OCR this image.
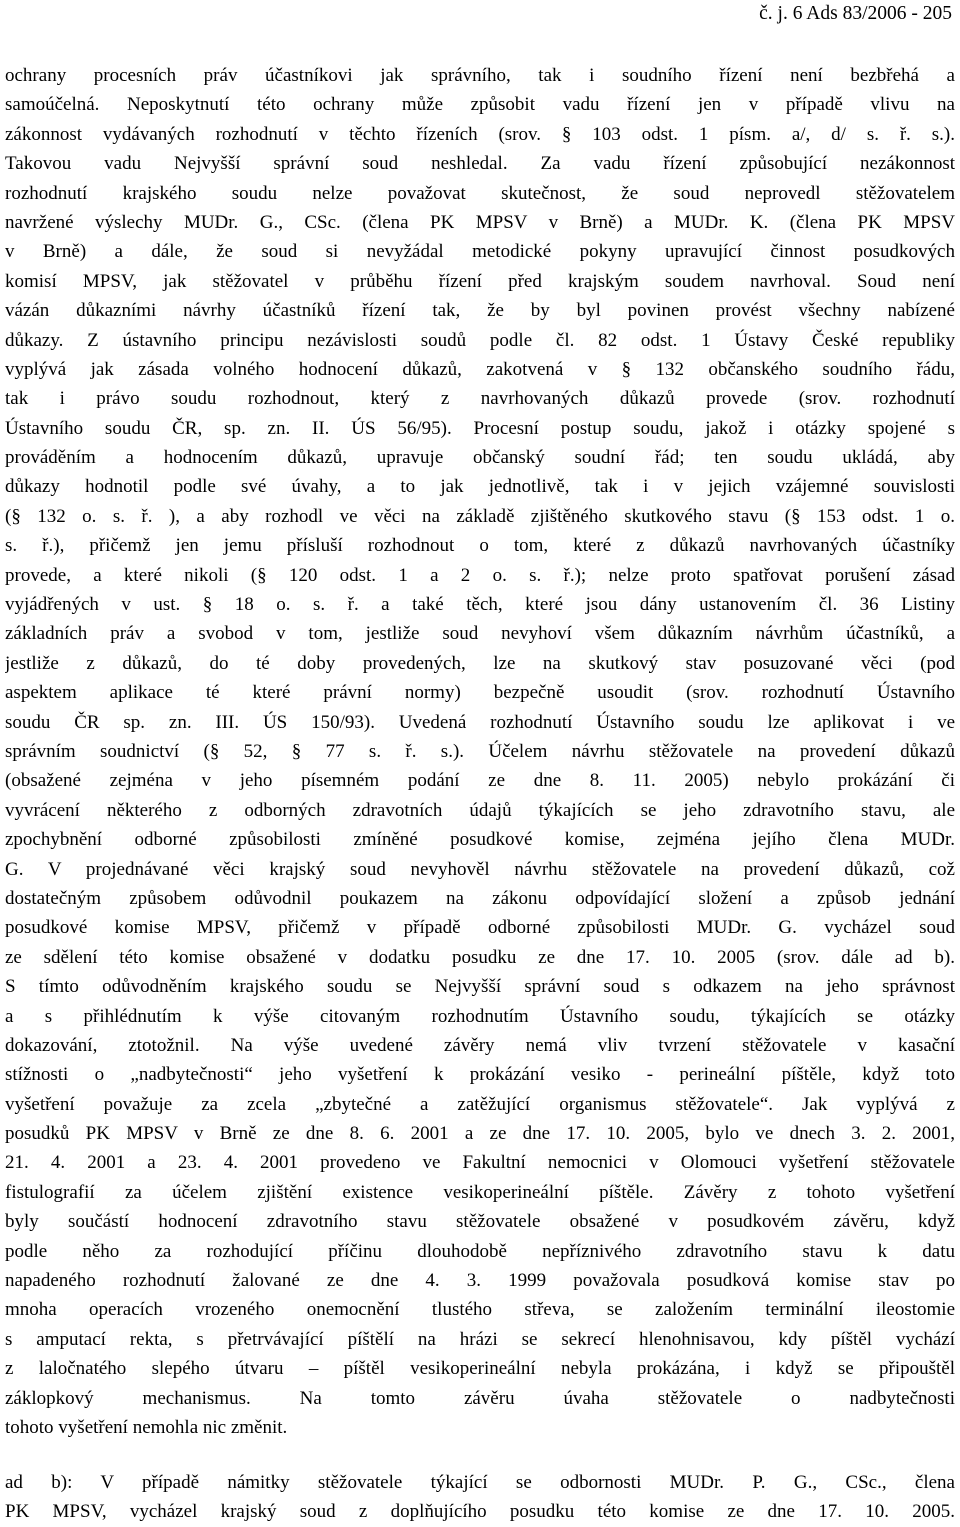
č. j. 6 Ads 83/2006 - 205
ochrany procesních práv účastníkovi jak správního, tak i soudního řízení není bezbřehá a
samoúčelná. Neposkytnutí této ochrany může způsobit vadu řízení jen v případě vlivu na
zákonnost vydávaných rozhodnutí v těchto řízeních (srov. § 103 odst. 1 písm. a/, d/ s. ř. s.).
Takovou vadu Nejvyšší správní soud neshledal. Za vadu řízení způsobující nezákonnost
rozhodnutí krajského soudu nelze považovat skutečnost, že soud neprovedl stěžovatelem
navržené výslechy MUDr. G., CSc. (člena PK MPSV v Brně) a MUDr. K. (člena PK MPSV
v Brně) a dále, že soud si nevyžádal metodické pokyny upravující činnost posudkových
komisí MPSV, jak stěžovatel v průběhu řízení před krajským soudem navrhoval. Soud není
vázán důkazními návrhy účastníků řízení tak, že by byl povinen provést všechny nabízené
důkazy. Z ústavního principu nezávislosti soudů podle čl. 82 odst. 1 Ústavy České republiky
vyplývá jak zásada volného hodnocení důkazů, zakotvená v § 132 občanského soudního řádu,
tak i právo soudu rozhodnout, který z navrhovaných důkazů provede (srov. rozhodnutí
Ústavního soudu ČR, sp. zn. II. ÚS 56/95). Procesní postup soudu, jakož i otázky spojené s
prováděním a hodnocením důkazů, upravuje občanský soudní řád; ten soudu ukládá, aby
důkazy hodnotil podle své úvahy, a to jak jednotlivě, tak i v jejich vzájemné souvislosti
(§ 132 o. s. ř. ), a aby rozhodl ve věci na základě zjištěného skutkového stavu (§ 153 odst. 1 o.
s. ř.), přičemž jen jemu přísluší rozhodnout o tom, které z důkazů navrhovaných účastníky
provede, a které nikoli (§ 120 odst. 1 a 2 o. s. ř.); nelze proto spatřovat porušení zásad
vyjádřených v ust. § 18 o. s. ř. a také těch, které jsou dány ustanovením čl. 36 Listiny
základních práv a svobod v tom, jestliže soud nevyhoví všem důkazním návrhům účastníků, a
jestliže z důkazů, do té doby provedených, lze na skutkový stav posuzované věci (pod
aspektem aplikace té které právní normy) bezpečně usoudit (srov. rozhodnutí Ústavního
soudu ČR sp. zn. III. ÚS 150/93). Uvedená rozhodnutí Ústavního soudu lze aplikovat i ve
správním soudnictví (§ 52, § 77 s. ř. s.). Účelem návrhu stěžovatele na provedení důkazů
(obsažené zejména v jeho písemném podání ze dne 8. 11. 2005) nebylo prokázání či
vyvrácení některého z odborných zdravotních údajů týkajících se jeho zdravotního stavu, ale
zpochybnění odborné způsobilosti zmíněné posudkové komise, zejména jejího člena MUDr.
G. V projednávané věci krajský soud nevyhověl návrhu stěžovatele na provedení důkazů, což
dostatečným způsobem odůvodnil poukazem na zákonu odpovídající složení a způsob jednání
posudkové komise MPSV, přičemž v případě odborné způsobilosti MUDr. G. vycházel soud
ze sdělení této komise obsažené v dodatku posudku ze dne 17. 10. 2005 (srov. dále ad b).
S tímto odůvodněním krajského soudu se Nejvyšší správní soud s odkazem na jeho správnost
a s přihlédnutím k výše citovaným rozhodnutím Ústavního soudu, týkajících se otázky
dokazování, ztotožnil. Na výše uvedené závěry nemá vliv tvrzení stěžovatele v kasační
stížnosti o „nadbytečnosti“ jeho vyšetření k prokázání vesiko - perineální píštěle, když toto
vyšetření považuje za zcela „zbytečné a zatěžující organismus stěžovatele“. Jak vyplývá z
posudků PK MPSV v Brně ze dne 8. 6. 2001 a ze dne 17. 10. 2005, bylo ve dnech 3. 2. 2001,
21. 4. 2001 a 23. 4. 2001 provedeno ve Fakultní nemocnici v Olomouci vyšetření stěžovatele
fistulografií za účelem zjištění existence vesikoperineální píštěle. Závěry z tohoto vyšetření
byly součástí hodnocení zdravotního stavu stěžovatele obsažené v posudkovém závěru, když
podle něho za rozhodující příčinu dlouhodobě nepříznivého zdravotního stavu k datu
napadeného rozhodnutí žalované ze dne 4. 3. 1999 považovala posudková komise stav po
mnoha operacích vrozeného onemocnění tlustého střeva, se založením terminální ileostomie
s amputací rekta, s přetrvávající píštělí na hrázi se sekrecí hlenohnisavou, kdy píštěl vychází
z laločnatého slepého útvaru – píštěl vesikoperineální nebyla prokázána, i když se připouštěl
záklopkový mechanismus. Na tomto závěru úvaha stěžovatele o nadbytečnosti
tohoto vyšetření nemohla nic změnit.
ad b): V případě námitky stěžovatele týkající se odbornosti MUDr. P. G., CSc., člena
PK MPSV, vycházel krajský soud z doplňujícího posudku této komise ze dne 17. 10. 2005.
